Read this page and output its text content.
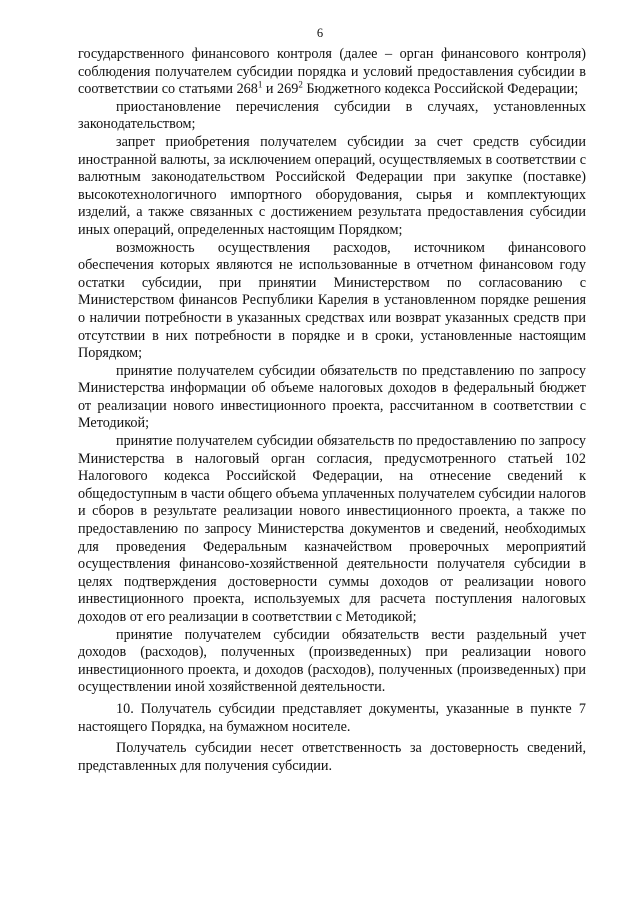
6

государственного финансового контроля (далее – орган финансового контроля) соблюдения получателем субсидии порядка и условий предоставления субсидии в соответствии со статьями $268^1$ и $269^2$ Бюджетного кодекса Российской Федерации;

приостановление перечисления субсидии в случаях, установленных законодательством;

запрет приобретения получателем субсидии за счет средств субсидии иностранной валюты, за исключением операций, осуществляемых в соответствии с валютным законодательством Российской Федерации при закупке (поставке) высокотехнологичного импортного оборудования, сырья и комплектующих изделий, а также связанных с достижением результата предоставления субсидии иных операций, определенных настоящим Порядком;

возможность осуществления расходов, источником финансового обеспечения которых являются не использованные в отчетном финансовом году остатки субсидии, при принятии Министерством по согласованию с Министерством финансов Республики Карелия в установленном порядке решения о наличии потребности в указанных средствах или возврат указанных средств при отсутствии в них потребности в порядке и в сроки, установленные настоящим Порядком;

принятие получателем субсидии обязательств по представлению по запросу Министерства информации об объеме налоговых доходов в федеральный бюджет от реализации нового инвестиционного проекта, рассчитанном в соответствии с Методикой;

принятие получателем субсидии обязательств по предоставлению по запросу Министерства в налоговый орган согласия, предусмотренного статьей 102 Налогового кодекса Российской Федерации, на отнесение сведений к общедоступным в части общего объема уплаченных получателем субсидии налогов и сборов в результате реализации нового инвестиционного проекта, а также по предоставлению по запросу Министерства документов и сведений, необходимых для проведения Федеральным казначейством проверочных мероприятий осуществления финансово-хозяйственной деятельности получателя субсидии в целях подтверждения достоверности суммы доходов от реализации нового инвестиционного проекта, используемых для расчета поступления налоговых доходов от его реализации в соответствии с Методикой;

принятие получателем субсидии обязательств вести раздельный учет доходов (расходов), полученных (произведенных) при реализации нового инвестиционного проекта, и доходов (расходов), полученных (произведенных) при осуществлении иной хозяйственной деятельности.

10. Получатель субсидии представляет документы, указанные в пункте 7 настоящего Порядка, на бумажном носителе.

Получатель субсидии несет ответственность за достоверность сведений, представленных для получения субсидии.
